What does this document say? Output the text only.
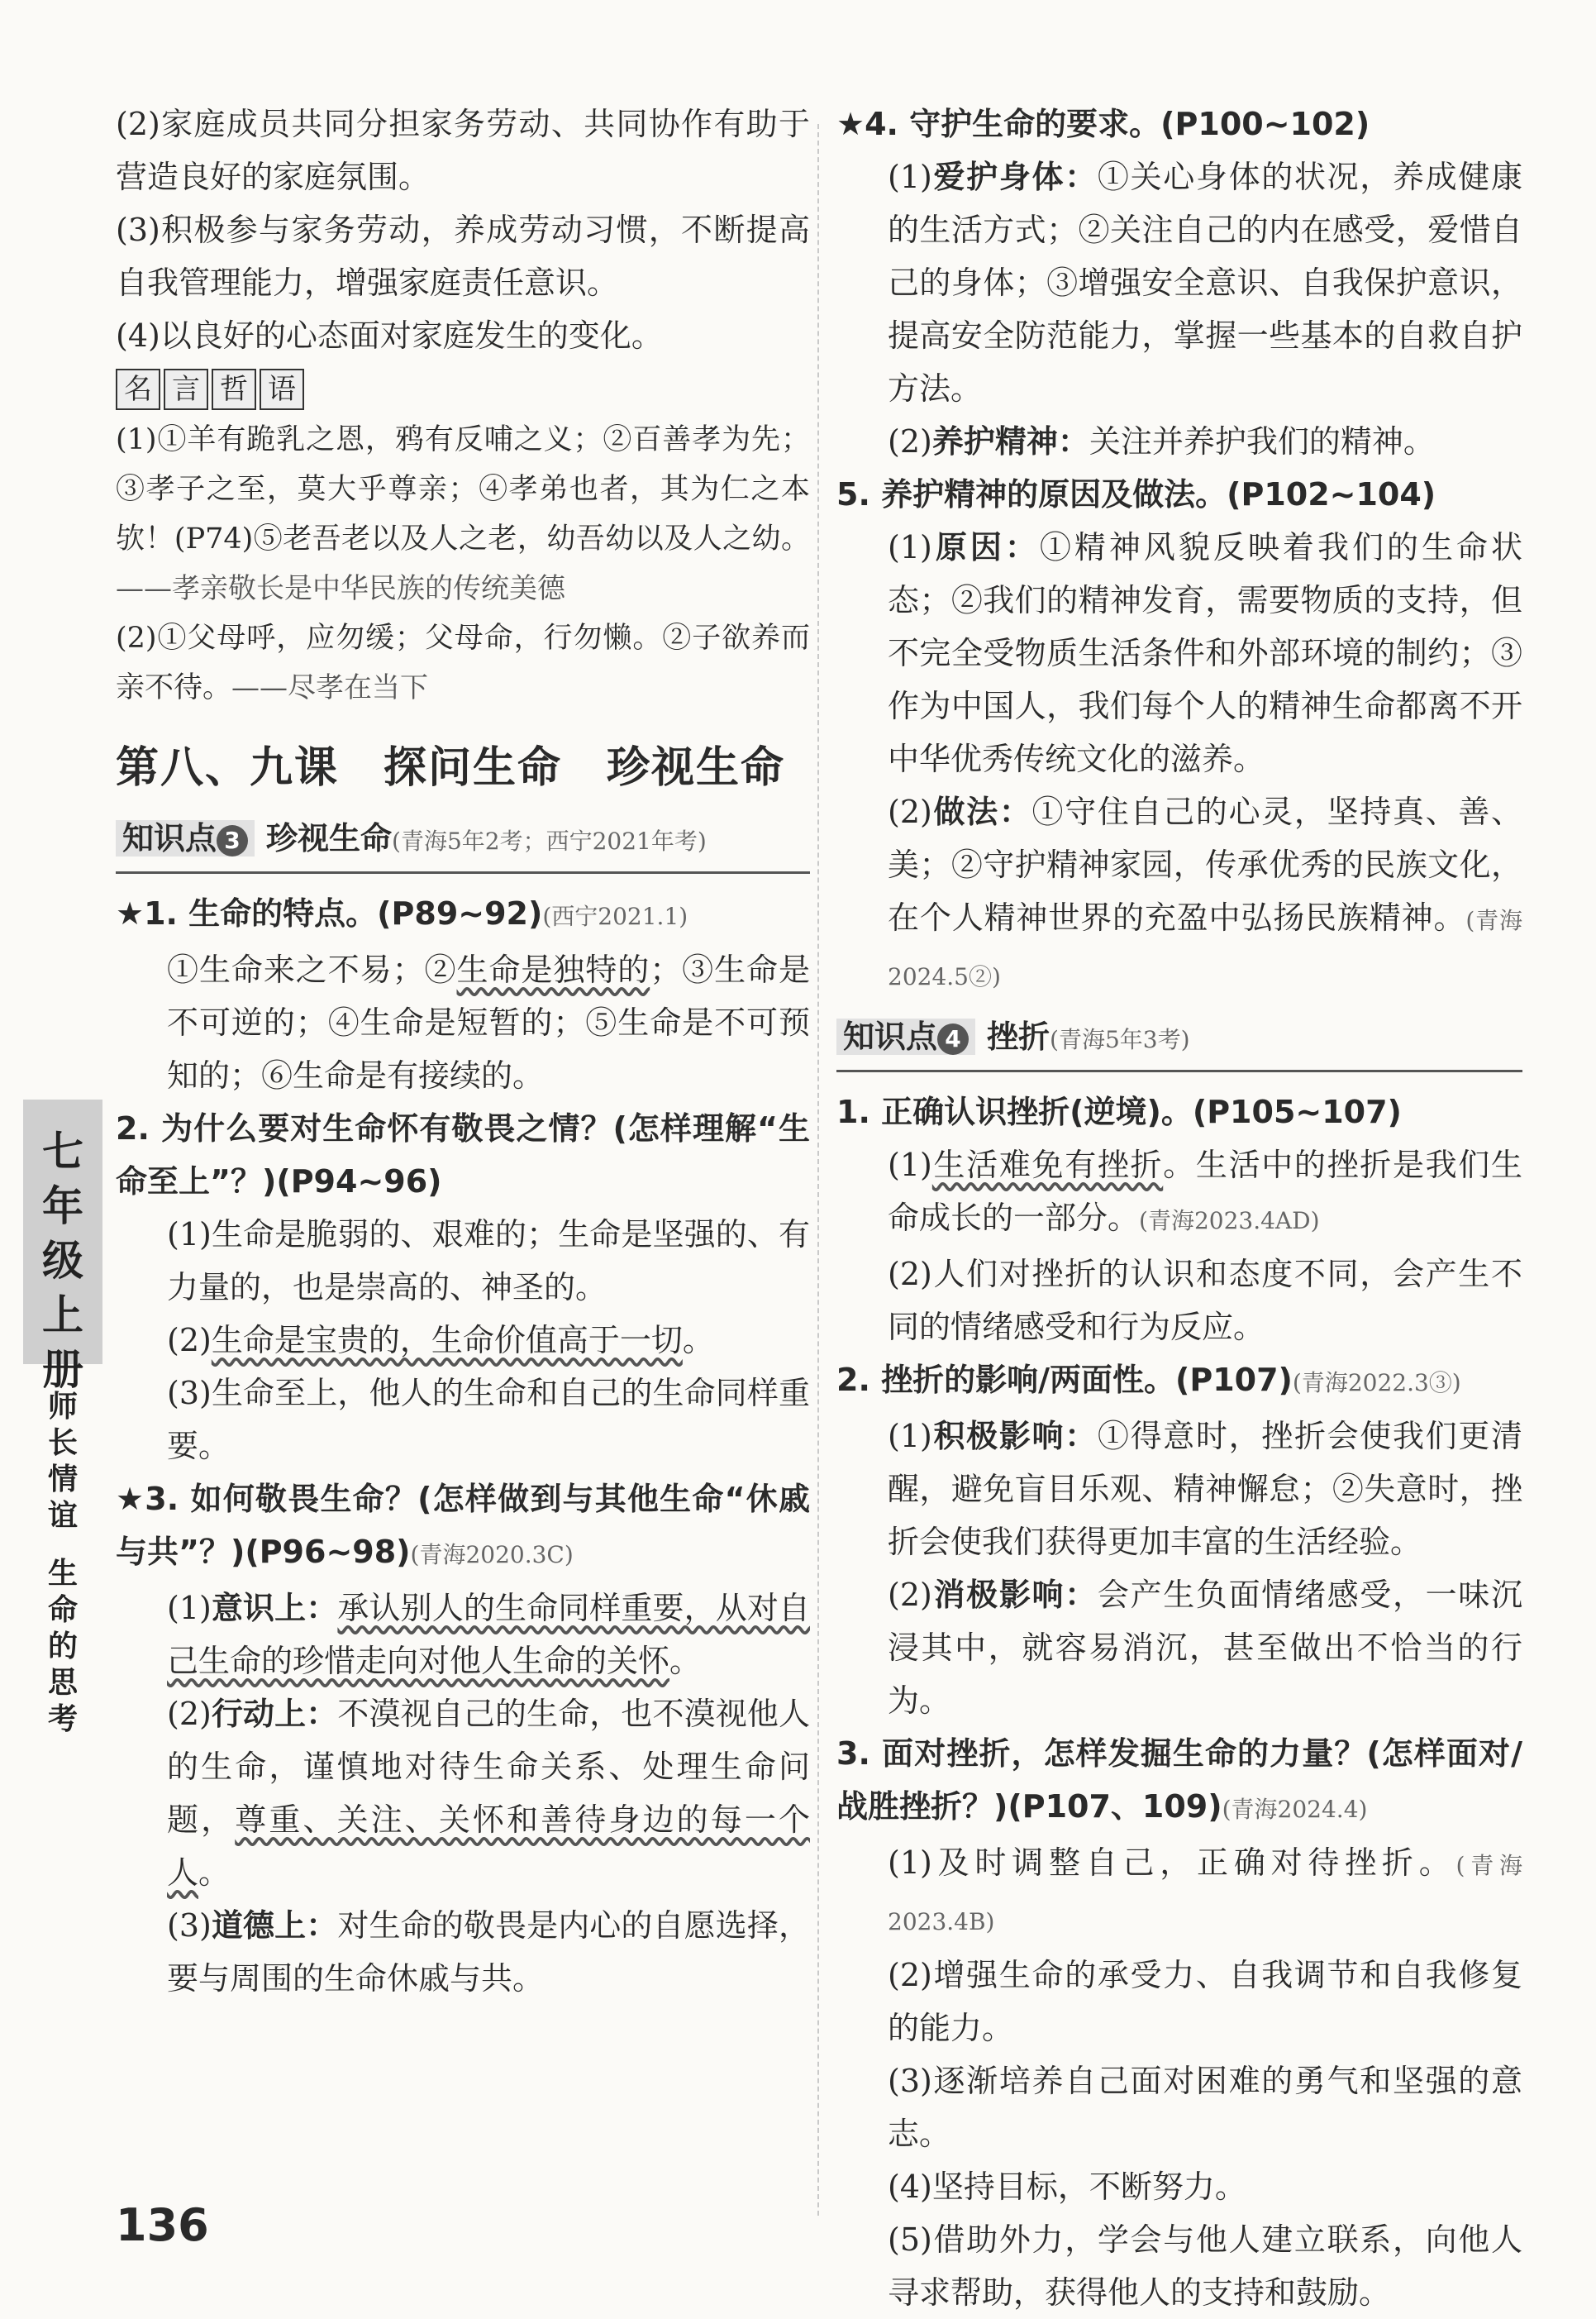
七
年
级
上
册
师
长
情
谊
生
命
的
思
考

(2)家庭成员共同分担家务劳动、共同协作有助于营造良好的家庭氛围。

(3)积极参与家务劳动，养成劳动习惯，不断提高自我管理能力，增强家庭责任意识。

(4)以良好的心态面对家庭发生的变化。

名 言 哲 语

(1)①羊有跪乳之恩，鸦有反哺之义；②百善孝为先；③孝子之至，莫大乎尊亲；④孝弟也者，其为仁之本欤！(P74)⑤老吾老以及人之老，幼吾幼以及人之幼。——孝亲敬长是中华民族的传统美德

(2)①父母呼，应勿缓；父母命，行勿懒。②子欲养而亲不待。——尽孝在当下

第八、九课　探问生命　珍视生命
知识点 3 珍视生命(青海5年2考；西宁2021年考)

★1. 生命的特点。(P89~92)(西宁2021.1)

①生命来之不易；②生命是独特的；③生命是不可逆的；④生命是短暂的；⑤生命是不可预知的；⑥生命是有接续的。

2. 为什么要对生命怀有敬畏之情？(怎样理解“生命至上”？)(P94~96)

(1)生命是脆弱的、艰难的；生命是坚强的、有力量的，也是崇高的、神圣的。

(2)生命是宝贵的，生命价值高于一切。

(3)生命至上，他人的生命和自己的生命同样重要。

★3. 如何敬畏生命？(怎样做到与其他生命“休戚与共”？)(P96~98)(青海2020.3C)

(1)意识上：承认别人的生命同样重要，从对自己生命的珍惜走向对他人生命的关怀。

(2)行动上：不漠视自己的生命，也不漠视他人的生命，谨慎地对待生命关系、处理生命问题，尊重、关注、关怀和善待身边的每一个人。

(3)道德上：对生命的敬畏是内心的自愿选择，要与周围的生命休戚与共。

★4. 守护生命的要求。(P100~102)

(1)爱护身体：①关心身体的状况，养成健康的生活方式；②关注自己的内在感受，爱惜自己的身体；③增强安全意识、自我保护意识，提高安全防范能力，掌握一些基本的自救自护方法。

(2)养护精神：关注并养护我们的精神。

5. 养护精神的原因及做法。(P102~104)

(1)原因：①精神风貌反映着我们的生命状态；②我们的精神发育，需要物质的支持，但不完全受物质生活条件和外部环境的制约；③作为中国人，我们每个人的精神生命都离不开中华优秀传统文化的滋养。

(2)做法：①守住自己的心灵，坚持真、善、美；②守护精神家园，传承优秀的民族文化，在个人精神世界的充盈中弘扬民族精神。(青海2024.5②)

知识点 4 挫折(青海5年3考)

1. 正确认识挫折(逆境)。(P105~107)

(1)生活难免有挫折。生活中的挫折是我们生命成长的一部分。(青海2023.4AD)

(2)人们对挫折的认识和态度不同，会产生不同的情绪感受和行为反应。

2. 挫折的影响/两面性。(P107)(青海2022.3③)

(1)积极影响：①得意时，挫折会使我们更清醒，避免盲目乐观、精神懈怠；②失意时，挫折会使我们获得更加丰富的生活经验。

(2)消极影响：会产生负面情绪感受，一味沉浸其中，就容易消沉，甚至做出不恰当的行为。

3. 面对挫折，怎样发掘生命的力量？(怎样面对/战胜挫折？)(P107、109)(青海2024.4)

(1)及时调整自己，正确对待挫折。(青海2023.4B)

(2)增强生命的承受力、自我调节和自我修复的能力。

(3)逐渐培养自己面对困难的勇气和坚强的意志。

(4)坚持目标，不断努力。

(5)借助外力，学会与他人建立联系，向他人寻求帮助，获得他人的支持和鼓励。

136
